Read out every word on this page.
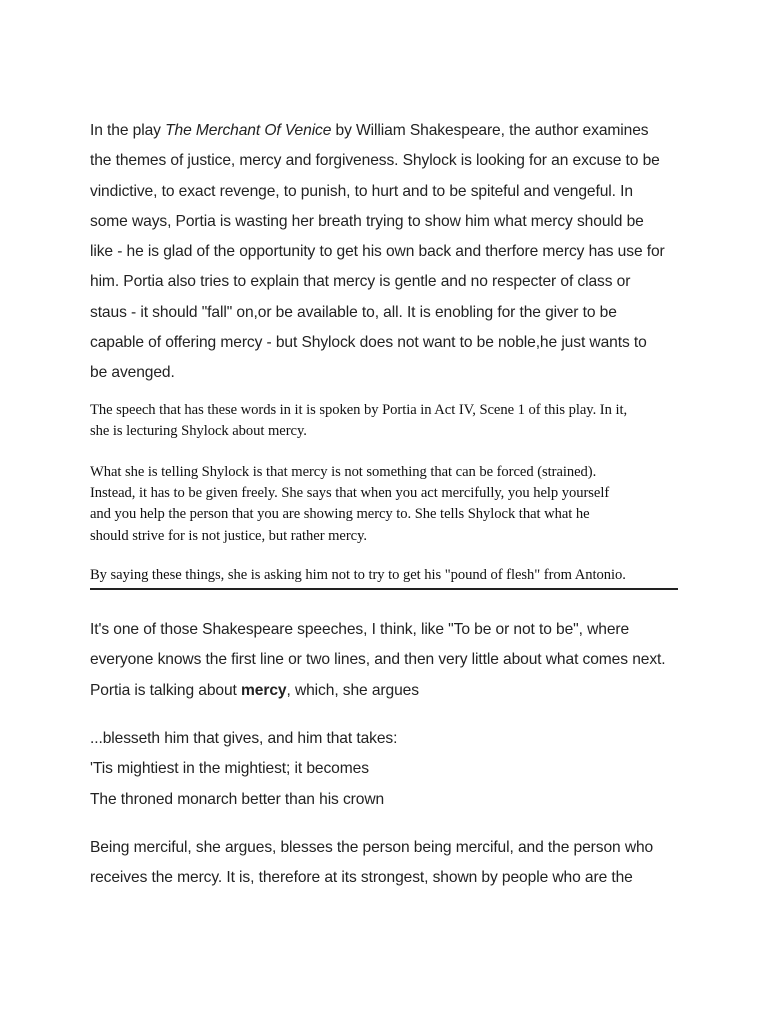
In the play The Merchant Of Venice by William Shakespeare, the author examines
the themes of justice, mercy and forgiveness. Shylock is looking for an excuse to be
vindictive, to exact revenge, to punish, to hurt and to be spiteful and vengeful. In
some ways, Portia is wasting her breath trying to show him what mercy should be
like - he is glad of the opportunity to get his own back and therfore mercy has use for
him. Portia also tries to explain that mercy is gentle and no respecter of class or
staus - it should "fall" on,or be available to, all. It is enobling for the giver to be
capable of offering mercy - but Shylock does not want to be noble,he just wants to
be avenged.

The speech that has these words in it is spoken by Portia in Act IV, Scene 1 of this play. In it,
she is lecturing Shylock about mercy.

What she is telling Shylock is that mercy is not something that can be forced (strained).
Instead, it has to be given freely. She says that when you act mercifully, you help yourself
and you help the person that you are showing mercy to. She tells Shylock that what he
should strive for is not justice, but rather mercy.

By saying these things, she is asking him not to try to get his "pound of flesh" from Antonio.

It's one of those Shakespeare speeches, I think, like "To be or not to be", where
everyone knows the first line or two lines, and then very little about what comes next.
Portia is talking about mercy, which, she argues

...blesseth him that gives, and him that takes:
'Tis mightiest in the mightiest; it becomes
The throned monarch better than his crown

Being merciful, she argues, blesses the person being merciful, and the person who
receives the mercy. It is, therefore at its strongest, shown by people who are the
